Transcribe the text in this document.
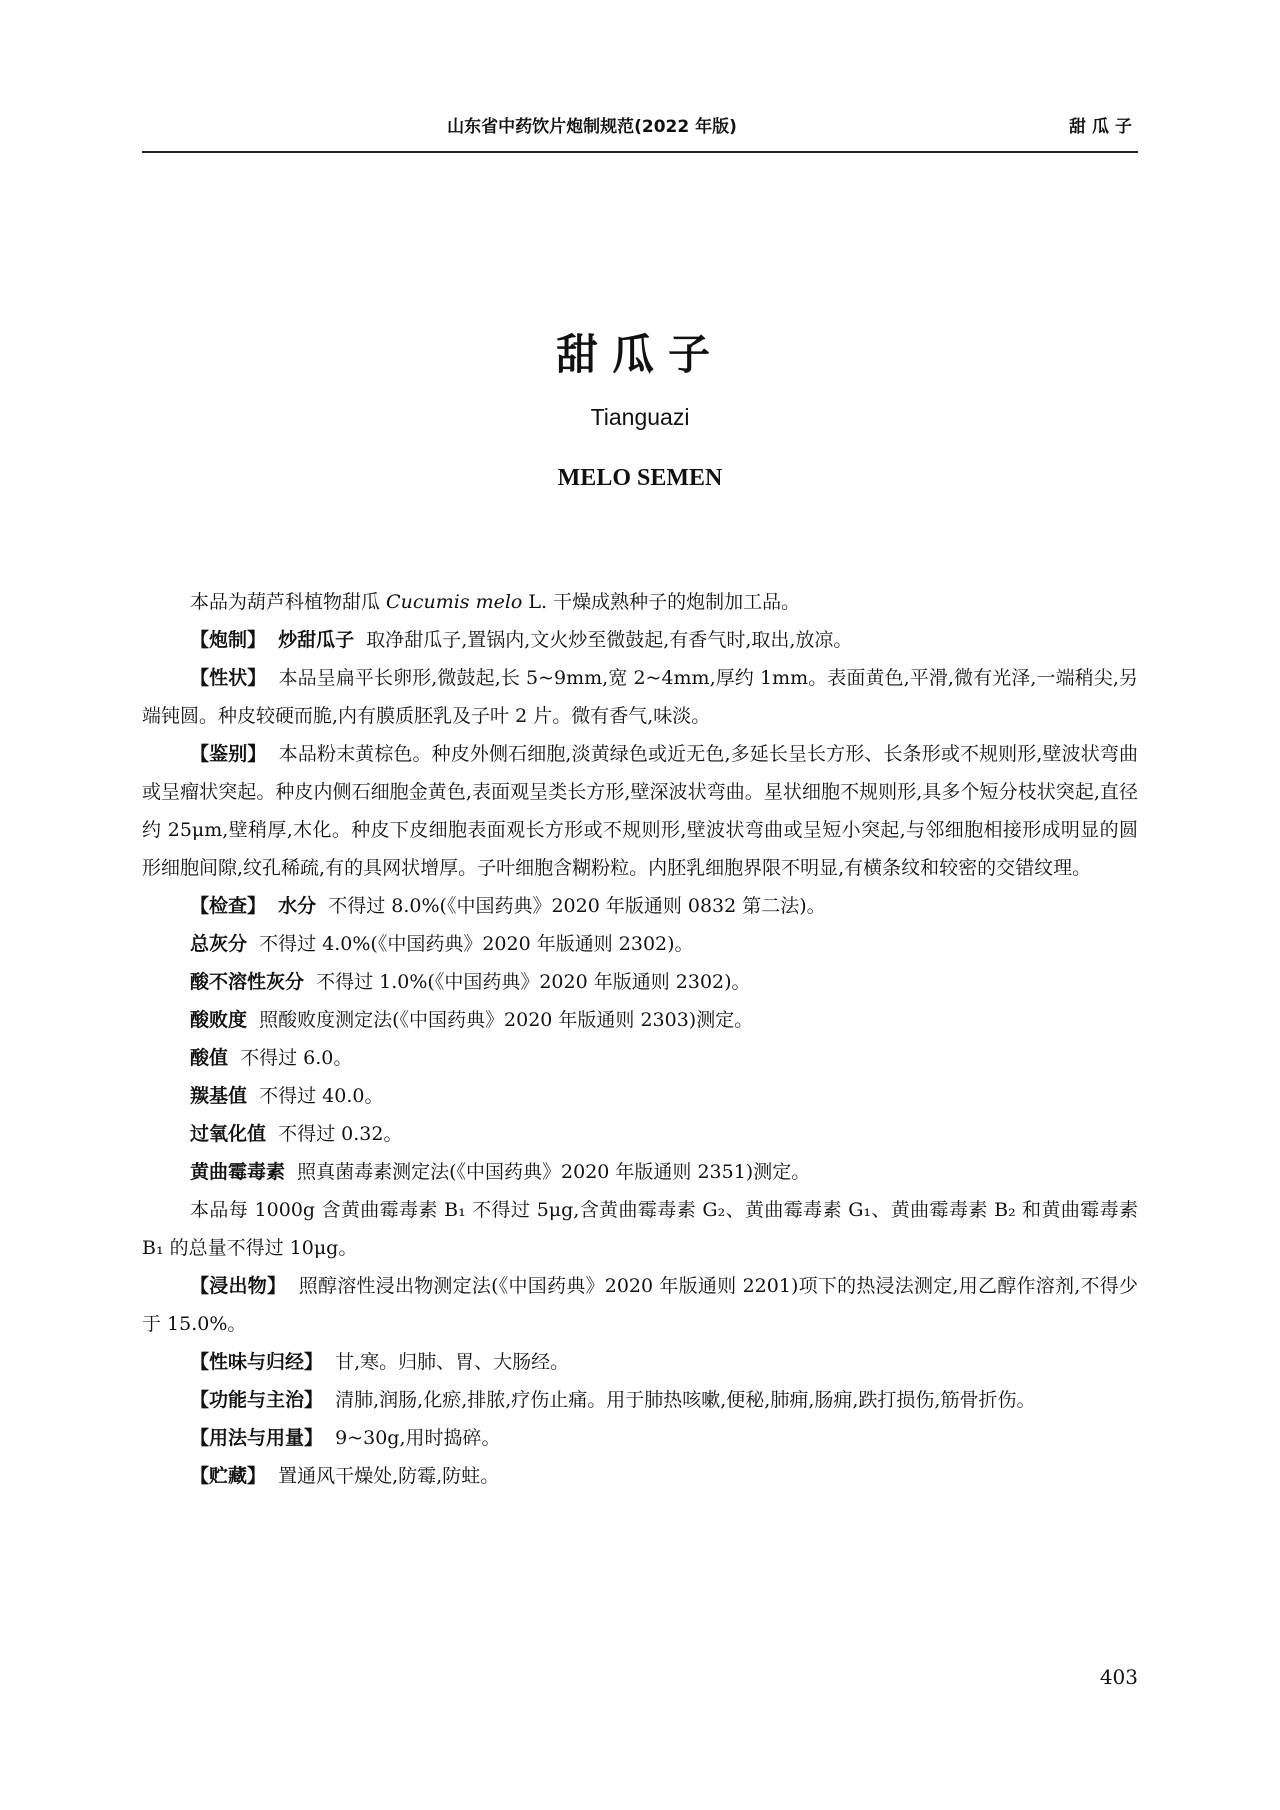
山东省中药饮片炮制规范(2022 年版)	甜瓜子
甜瓜子
Tianguazi
MELO SEMEN

本品为葫芦科植物甜瓜 Cucumis melo L. 干燥成熟种子的炮制加工品。

【炮制】 炒甜瓜子 取净甜瓜子,置锅内,文火炒至微鼓起,有香气时,取出,放凉。

【性状】 本品呈扁平长卵形,微鼓起,长 5~9mm,宽 2~4mm,厚约 1mm。表面黄色,平滑,微有光泽,一端稍尖,另端钝圆。种皮较硬而脆,内有膜质胚乳及子叶 2 片。微有香气,味淡。

【鉴别】 本品粉末黄棕色。种皮外侧石细胞,淡黄绿色或近无色,多延长呈长方形、长条形或不规则形,壁波状弯曲或呈瘤状突起。种皮内侧石细胞金黄色,表面观呈类长方形,壁深波状弯曲。星状细胞不规则形,具多个短分枝状突起,直径约 25μm,壁稍厚,木化。种皮下皮细胞表面观长方形或不规则形,壁波状弯曲或呈短小突起,与邻细胞相接形成明显的圆形细胞间隙,纹孔稀疏,有的具网状增厚。子叶细胞含糊粉粒。内胚乳细胞界限不明显,有横条纹和较密的交错纹理。

【检查】 水分 不得过 8.0%(《中国药典》2020 年版通则 0832 第二法)。

总灰分 不得过 4.0%(《中国药典》2020 年版通则 2302)。

酸不溶性灰分 不得过 1.0%(《中国药典》2020 年版通则 2302)。

酸败度 照酸败度测定法(《中国药典》2020 年版通则 2303)测定。

酸值 不得过 6.0。

羰基值 不得过 40.0。

过氧化值 不得过 0.32。

黄曲霉毒素 照真菌毒素测定法(《中国药典》2020 年版通则 2351)测定。

本品每 1000g 含黄曲霉毒素 B₁ 不得过 5μg,含黄曲霉毒素 G₂、黄曲霉毒素 G₁、黄曲霉毒素 B₂ 和黄曲霉毒素 B₁ 的总量不得过 10μg。

【浸出物】 照醇溶性浸出物测定法(《中国药典》2020 年版通则 2201)项下的热浸法测定,用乙醇作溶剂,不得少于 15.0%。

【性味与归经】 甘,寒。归肺、胃、大肠经。

【功能与主治】 清肺,润肠,化瘀,排脓,疗伤止痛。用于肺热咳嗽,便秘,肺痈,肠痈,跌打损伤,筋骨折伤。

【用法与用量】 9~30g,用时捣碎。

【贮藏】 置通风干燥处,防霉,防蛀。

403
